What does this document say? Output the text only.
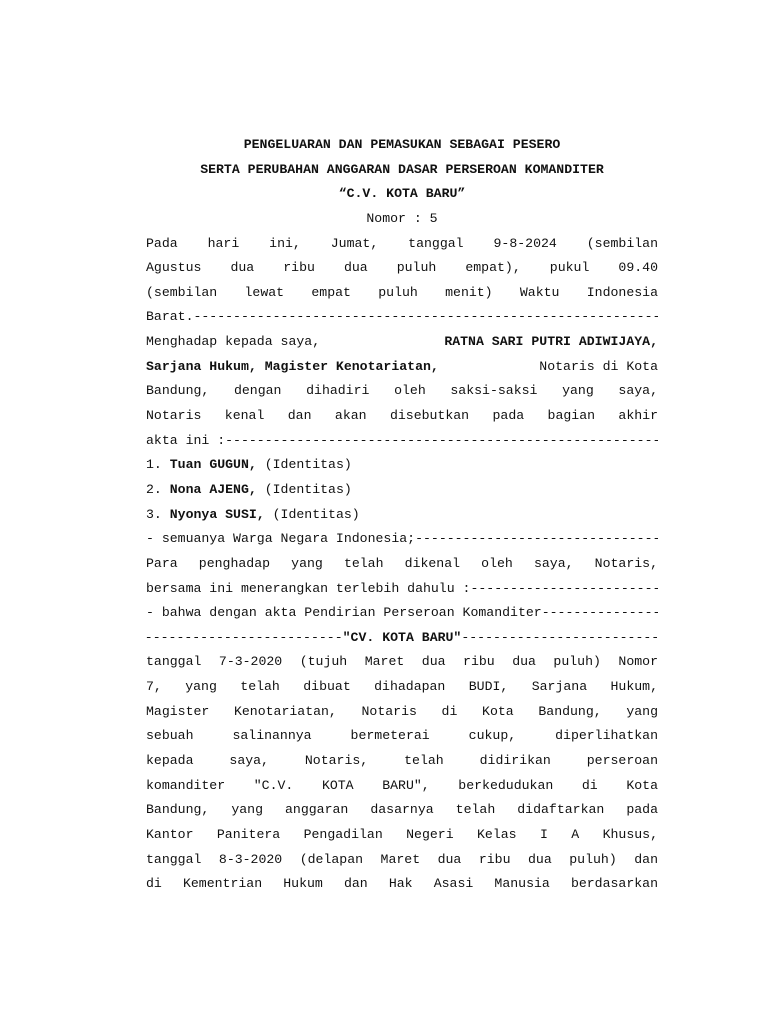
PENGELUARAN DAN PEMASUKAN SEBAGAI PESERO
SERTA PERUBAHAN ANGGARAN DASAR PERSEROAN KOMANDITER
“C.V. KOTA BARU”
Nomor : 5
Pada hari ini, Jumat, tanggal 9-8-2024 (sembilan
Agustus dua ribu dua puluh empat), pukul 09.40
(sembilan lewat empat puluh menit) Waktu Indonesia
Barat.
-----
Menghadap kepada saya,	RATNA SARI PUTRI ADIWIJAYA,
Sarjana Hukum, Magister Kenotariatan,	Notaris di Kota
Bandung, dengan dihadiri oleh saksi-saksi yang saya,
Notaris kenal dan akan disebutkan pada bagian akhir
akta ini :
-----
1. Tuan GUGUN, (Identitas)
2. Nona AJENG, (Identitas)
3. Nyonya SUSI, (Identitas)
- semuanya Warga Negara Indonesia;
-----
Para penghadap yang telah dikenal oleh saya, Notaris,
bersama ini menerangkan terlebih dahulu :
-----
- bahwa dengan akta Pendirian Perseroan Komanditer
-----
-----
"CV. KOTA BARU"
-----
tanggal 7-3-2020 (tujuh Maret dua ribu dua puluh) Nomor
7, yang telah dibuat dihadapan BUDI, Sarjana Hukum,
Magister Kenotariatan, Notaris di Kota Bandung, yang
sebuah salinannya bermeterai cukup, diperlihatkan
kepada saya, Notaris, telah didirikan perseroan
komanditer "C.V. KOTA BARU", berkedudukan di Kota
Bandung, yang anggaran dasarnya telah didaftarkan pada
Kantor Panitera Pengadilan Negeri Kelas I A Khusus,
tanggal 8-3-2020 (delapan Maret dua ribu dua puluh) dan
di Kementrian Hukum dan Hak Asasi Manusia berdasarkan
